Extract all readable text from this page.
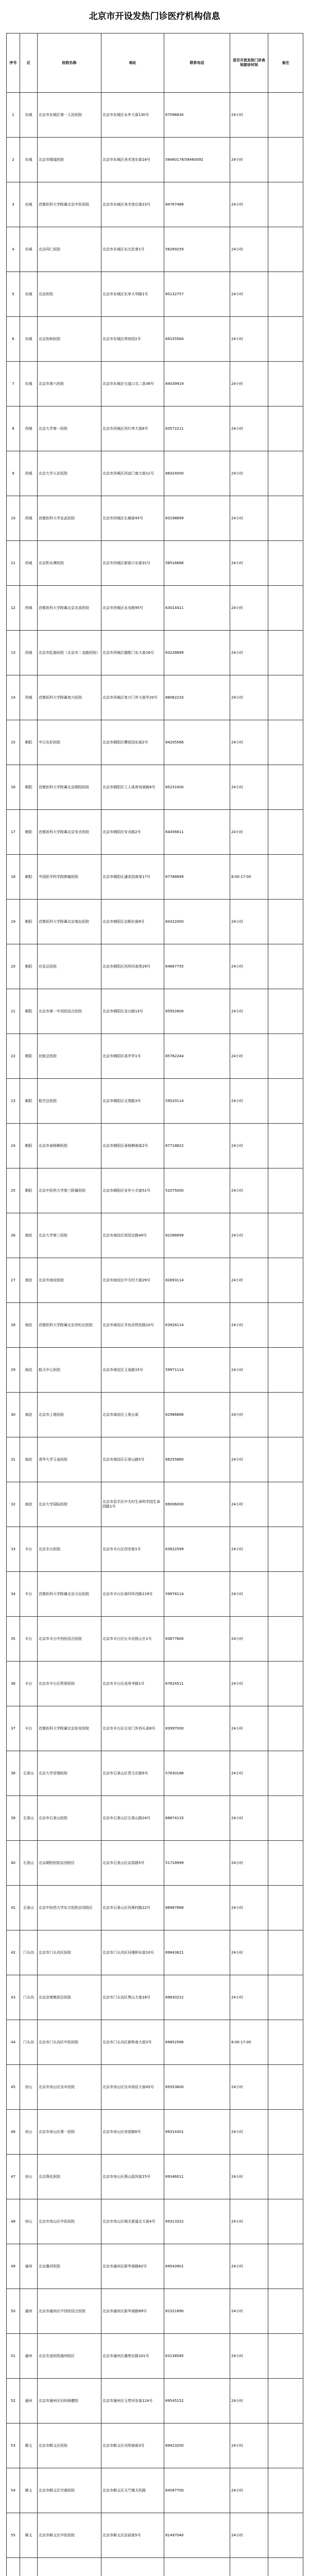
北京市开设发热门诊医疗机构信息
序号	区	医院名称	地址	联系电话	是否开放发热门诊夜间接诊时间	备注
1	东城	北京市东城区第一人民医院	北京市东城区永外大街130号	67096830	24小时	
2	东城	北京市隆福医院	北京市东城区美术馆东街18号	58460178/58460092	24小时	
3	东城	首都医科大学附属北京中医医院	北京市东城区美术馆后街23号	84767488	24小时	
4	东城	北京同仁医院	北京市东城区东交民巷1号	58269259	24小时	
5	东城	北京医院	北京市东城区东单大华路1号	85132757	24小时	
6	东城	北京协和医院	北京市东城区帅府园1号	69155564	24小时	
7	东城	北京市第六医院	北京市东城区交道口北二条36号	84039919	24小时	
8	西城	北京大学第一医院	北京市西城区西什库大街8号	83572211	24小时	
9	西城	北京大学人民医院	北京市西城区西直门南大街11号	88324000	24小时	
10	西城	首都医科大学宣武医院	北京市西城区长椿街45号	83198899	24小时	
11	西城	北京积水潭医院	北京市西城区新街口东街31号	58516688	24小时	
12	西城	首都医科大学附属北京友谊医院	北京市西城区永安路95号	63014411	24小时	
13	西城	北京市肛肠医院（北京市二龙路医院）	北京市西城区德胜门东大街16号	83228899	24小时	
14	西城	首都医科大学附属复兴医院	北京市西城区复兴门外大街甲20号	88062233	24小时	
15	朝阳	中日友好医院	北京市朝阳区樱花园东街2号	84205566	24小时	
16	朝阳	首都医科大学附属北京朝阳医院	北京市朝阳区工人体育场南路8号	85231000	24小时	
17	朝阳	首都医科大学附属北京安贞医院	北京市朝阳区安贞路2号	64456611	24小时	
18	朝阳	中国医学科学院肿瘤医院	北京市朝阳区潘家园南里17号	87788899	8:00-17:00	
19	朝阳	首都医科大学附属北京地坛医院	北京市朝阳区京顺东街8号	84322000	24小时	
20	朝阳	应急总医院	北京市朝阳区西坝河南里29号	64667755	24小时	
21	朝阳	北京市第一中西医结合医院	北京市朝阳区金台路13号	85952600	24小时	
22	朝阳	民航总医院	北京市朝阳区高井甲1号	85762244	24小时	
23	朝阳	航空总医院	北京市朝阳区北苑路3号	59520114	24小时	
24	朝阳	北京市垂杨柳医院	北京市朝阳区垂杨柳南街2号	67718822	24小时	
25	朝阳	北京中医药大学第三附属医院	北京市朝阳区安外小关街51号	52075000	24小时	
26	海淀	北京大学第三医院	北京市海淀区花园北路49号	82266699	24小时	
27	海淀	北京市海淀医院	北京市海淀区中关村大街29号	82693114	24小时	
28	海淀	首都医科大学附属北京世纪坛医院	北京市海淀区羊坊店铁医路10号	63926114	24小时	
29	海淀	航天中心医院	北京市海淀区玉泉路15号	59971114	24小时	
30	海淀	北京市上地医院	北京市海淀区上地五街	62986666	24小时	
31	海淀	清华大学玉泉医院	北京市海淀区石景山路5号	68255880	24小时	
32	海淀	北京大学国际医院	北京市昌平区中关村生命科学园生命园路1号	69006000	24小时	
33	丰台	北京丰台医院	北京市丰台区西安街1号	63822599	24小时	
34	丰台	首都医科大学附属北京天坛医院	北京市丰台区南四环西路119号	59978114	24小时	
35	丰台	北京市丰台中西医结合医院	北京市丰台区长辛店杨公庄1号	83877600	24小时	
36	丰台	北京市丰台区铁营医院	北京市丰台区成寿寺路1号	67624511	24小时	
37	丰台	首都医科大学附属北京佑安医院	北京市丰台区右安门外西头条8号	83997000	24小时	
38	石景山	北京大学首钢医院	北京市石景山区晋元庄路9号	57830188	24小时	
39	石景山	北京市石景山医院	北京市石景山区石景山路24号	68874133	24小时	
40	石景山	北京朝阳医院京西院区	北京市石景山区京原路5号	51718999	24小时	
41	石景山	北京中医药大学东方医院京西院区	北京市石景山区西黄村路22号	88987668	24小时	
42	门头沟	北京市门头沟区医院	北京市门头沟区河滩桥东街10号	69843621	24小时	
43	门头沟	北京京煤集团总医院	北京市门头沟区黑山大街18号	69830222	24小时	
44	门头沟	北京市门头沟区中医医院	北京市门头沟区新桥南大街3号	69852566	8:00-17:00	
45	房山	北京市房山区良乡医院	北京市房山区良乡拱辰大街45号	69353600	24小时	
46	房山	北京市房山区第一医院	北京市房山区房窑路6号	69314301	24小时	
47	房山	北京燕化医院	北京市房山区燕山迎风街15号	69346011	24小时	
48	房山	北京市房山区中医医院	北京市房山区城关街道北大街4号	69313322	24小时	
49	通州	北京潞河医院	北京市通州区新华南路82号	69543901	24小时	
50	通州	北京市通州区中西医结合医院	北京市通州区新华南路89号	81521890	24小时	
51	通州	北京友谊医院通州院区	北京市通州区潞苑东路101号	63138585	24小时	
52	通州	北京市通州区妇幼保健院	北京市通州区玉带河东街124号	69545152	24小时	
53	顺义	北京市顺义区医院	北京市顺义区光明南街3号	69423200	24小时	
54	顺义	北京市顺义区空港医院	北京市顺义区天竺镇天柱路	64567700	24小时	
55	顺义	北京市顺义区中医医院	北京市顺义区站前街5号	81497040	24小时	
